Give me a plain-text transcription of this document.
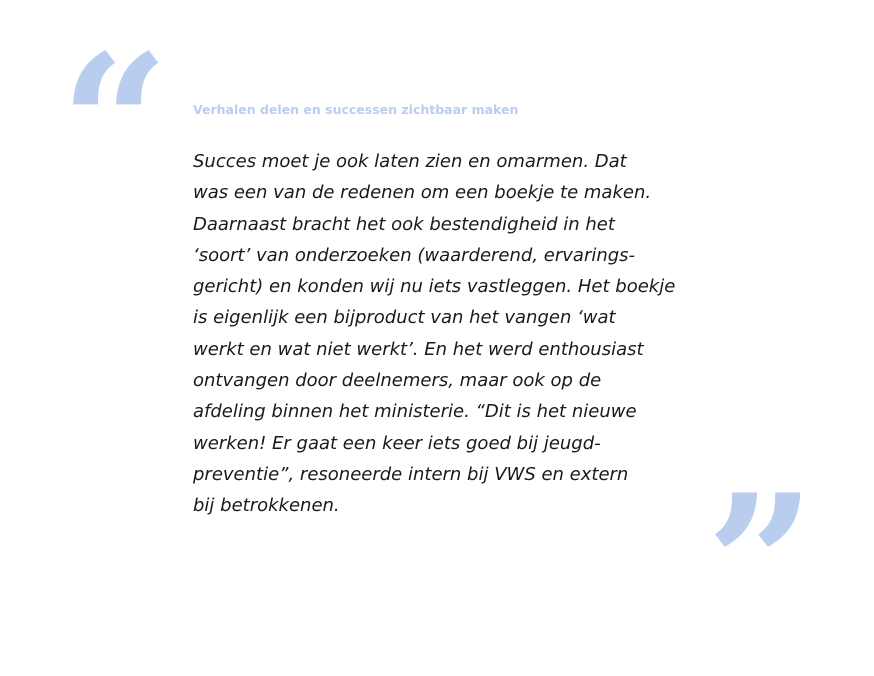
“	Verhalen delen en successen zichtbaar maken

Succes moet je ook laten zien en omarmen. Dat
was een van de redenen om een boekje te maken.
Daarnaast bracht het ook bestendigheid in het
‘soort’ van onderzoeken (waarderend, ervarings-
gericht) en konden wij nu iets vastleggen. Het boekje
is eigenlijk een bijproduct van het vangen ‘wat
werkt en wat niet werkt’. En het werd enthousiast
ontvangen door deelnemers, maar ook op de
afdeling binnen het ministerie. “Dit is het nieuwe
werken! Er gaat een keer iets goed bij jeugd-
preventie”, resoneerde intern bij VWS en extern
bij betrokkenen.	”
